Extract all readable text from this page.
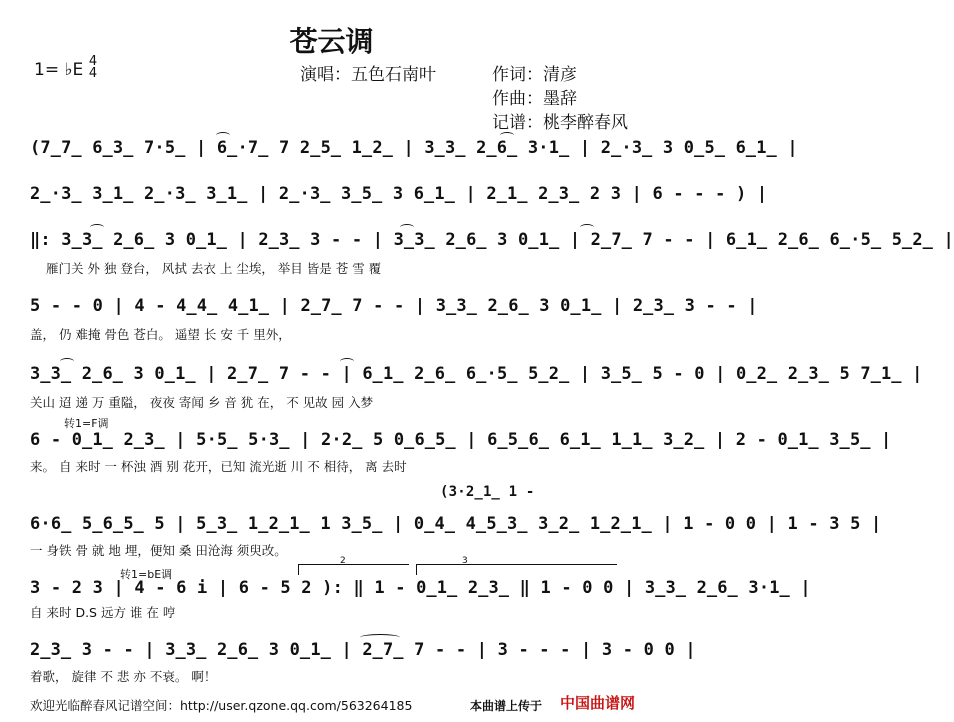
苍云调
1= ♭E 4
4	演唱：五色石南叶	作词：清彦
作曲：墨辞
记谱：桃李醉春风
(7̲7̲ 6̲3̲ 7·5̲ | 6̲·7̲ 7 2̲5̲ 1̲2̲ | 3̲3̲ 2̲6̲ 3·1̲ | 2̲·3̲ 3 0̲5̲ 6̲1̲ |
2̲·3̲ 3̲1̲ 2̲·3̲ 3̲1̲ | 2̲·3̲ 3̲5̲ 3 6̲1̲ | 2̲1̲ 2̲3̲ 2 3 | 6 - - - ) |
‖: 3̲3̲ 2̲6̲ 3 0̲1̲ | 2̲3̲ 3 - - | 3̲3̲ 2̲6̲ 3 0̲1̲ | 2̲7̲ 7 - - | 6̲1̲ 2̲6̲ 6̲·5̲ 5̲2̲ |
雁门关 外 独 登台， 风拭 去衣 上 尘埃， 举目 皆是 苍 雪 覆
5 - - 0 | 4 - 4̲4̲ 4̲1̲ | 2̲7̲ 7 - - | 3̲3̲ 2̲6̲ 3 0̲1̲ | 2̲3̲ 3 - - |
盖， 仍 难掩 骨色 苍白。 遥望 长 安 千 里外，
3̲3̲ 2̲6̲ 3 0̲1̲ | 2̲7̲ 7 - - | 6̲1̲ 2̲6̲ 6̲·5̲ 5̲2̲ | 3̲5̲ 5 - 0 | 0̲2̲ 2̲3̲ 5 7̲1̲ |
关山 迢 递 万 重隘， 夜夜 寄闻 乡 音 犹 在， 不 见故 园 入梦
转1=F调
6 - 0̲1̲ 2̲3̲ | 5·5̲ 5·3̲ | 2·2̲ 5 0̲6̲5̲ | 6̲5̲6̲ 6̲1̲ 1̲1̲ 3̲2̲ | 2 - 0̲1̲ 3̲5̲ |
来。 自 来时 一 杯浊 酒 别 花开，已知 流光逝 川 不 相待， 离 去时
(3·2̲1̲ 1 -
6·6̲ 5̲6̲5̲ 5 | 5̲3̲ 1̲2̲1̲ 1 3̲5̲ | 0̲4̲ 4̲5̲3̲ 3̲2̲ 1̲2̲1̲ | 1 - 0 0 | 1 - 3 5 |
一 身铁 骨 就 地 埋，便知 桑 田沧海 须臾改。
转1=bE调
2	3
3 - 2 3 | 4 - 6 i | 6 - 5 2 ): ‖ 1 - 0̲1̲ 2̲3̲ ‖ 1 - 0 0 | 3̲3̲ 2̲6̲ 3·1̲ |
自 来时 D.S 远方 谁 在 哼
2̲3̲ 3 - - | 3̲3̲ 2̲6̲ 3 0̲1̲ | 2̲7̲ 7 - - | 3 - - - | 3 - 0 0 |
着歌， 旋律 不 悲 亦 不衰。 啊！
欢迎光临醉春风记谱空间：http://user.qzone.qq.com/563264185	本曲谱上传于 中国曲谱网
